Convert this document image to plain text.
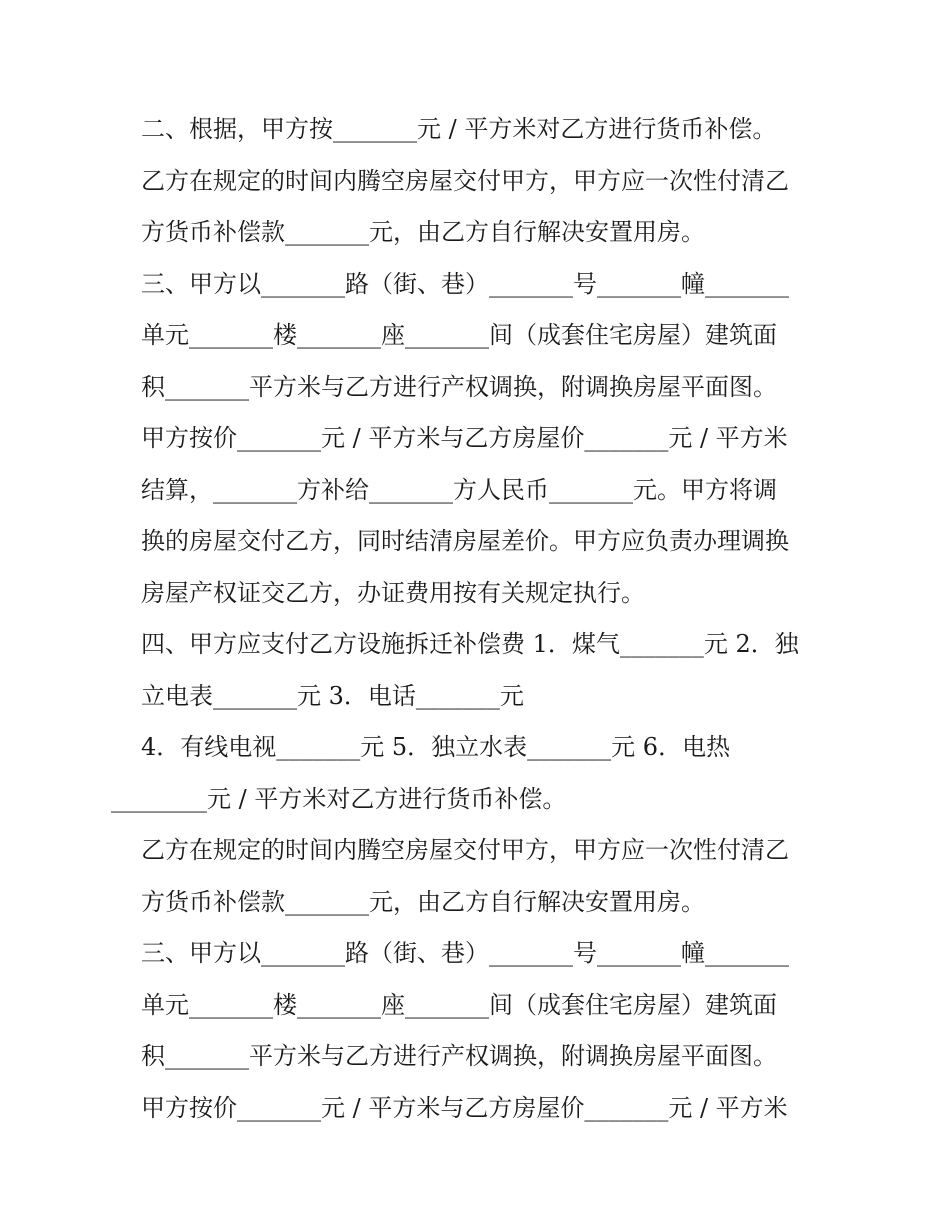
二、根据，甲方按_______元 / 平方米对乙方进行货币补偿。
乙方在规定的时间内腾空房屋交付甲方，甲方应一次性付清乙
方货币补偿款_______元，由乙方自行解决安置用房。
三、甲方以_______路（街、巷）_______号_______幢_______
单元_______楼_______座_______间（成套住宅房屋）建筑面
积_______平方米与乙方进行产权调换，附调换房屋平面图。
甲方按价_______元 / 平方米与乙方房屋价_______元 / 平方米
结算，_______方补给_______方人民币_______元。甲方将调
换的房屋交付乙方，同时结清房屋差价。甲方应负责办理调换
房屋产权证交乙方，办证费用按有关规定执行。
四、甲方应支付乙方设施拆迁补偿费 1．煤气_______元 2．独
立电表_______元 3．电话_______元
4．有线电视_______元 5．独立水表_______元 6．电热
________元 / 平方米对乙方进行货币补偿。
乙方在规定的时间内腾空房屋交付甲方，甲方应一次性付清乙
方货币补偿款_______元，由乙方自行解决安置用房。
三、甲方以_______路（街、巷）_______号_______幢_______
单元_______楼_______座_______间（成套住宅房屋）建筑面
积_______平方米与乙方进行产权调换，附调换房屋平面图。
甲方按价_______元 / 平方米与乙方房屋价_______元 / 平方米
